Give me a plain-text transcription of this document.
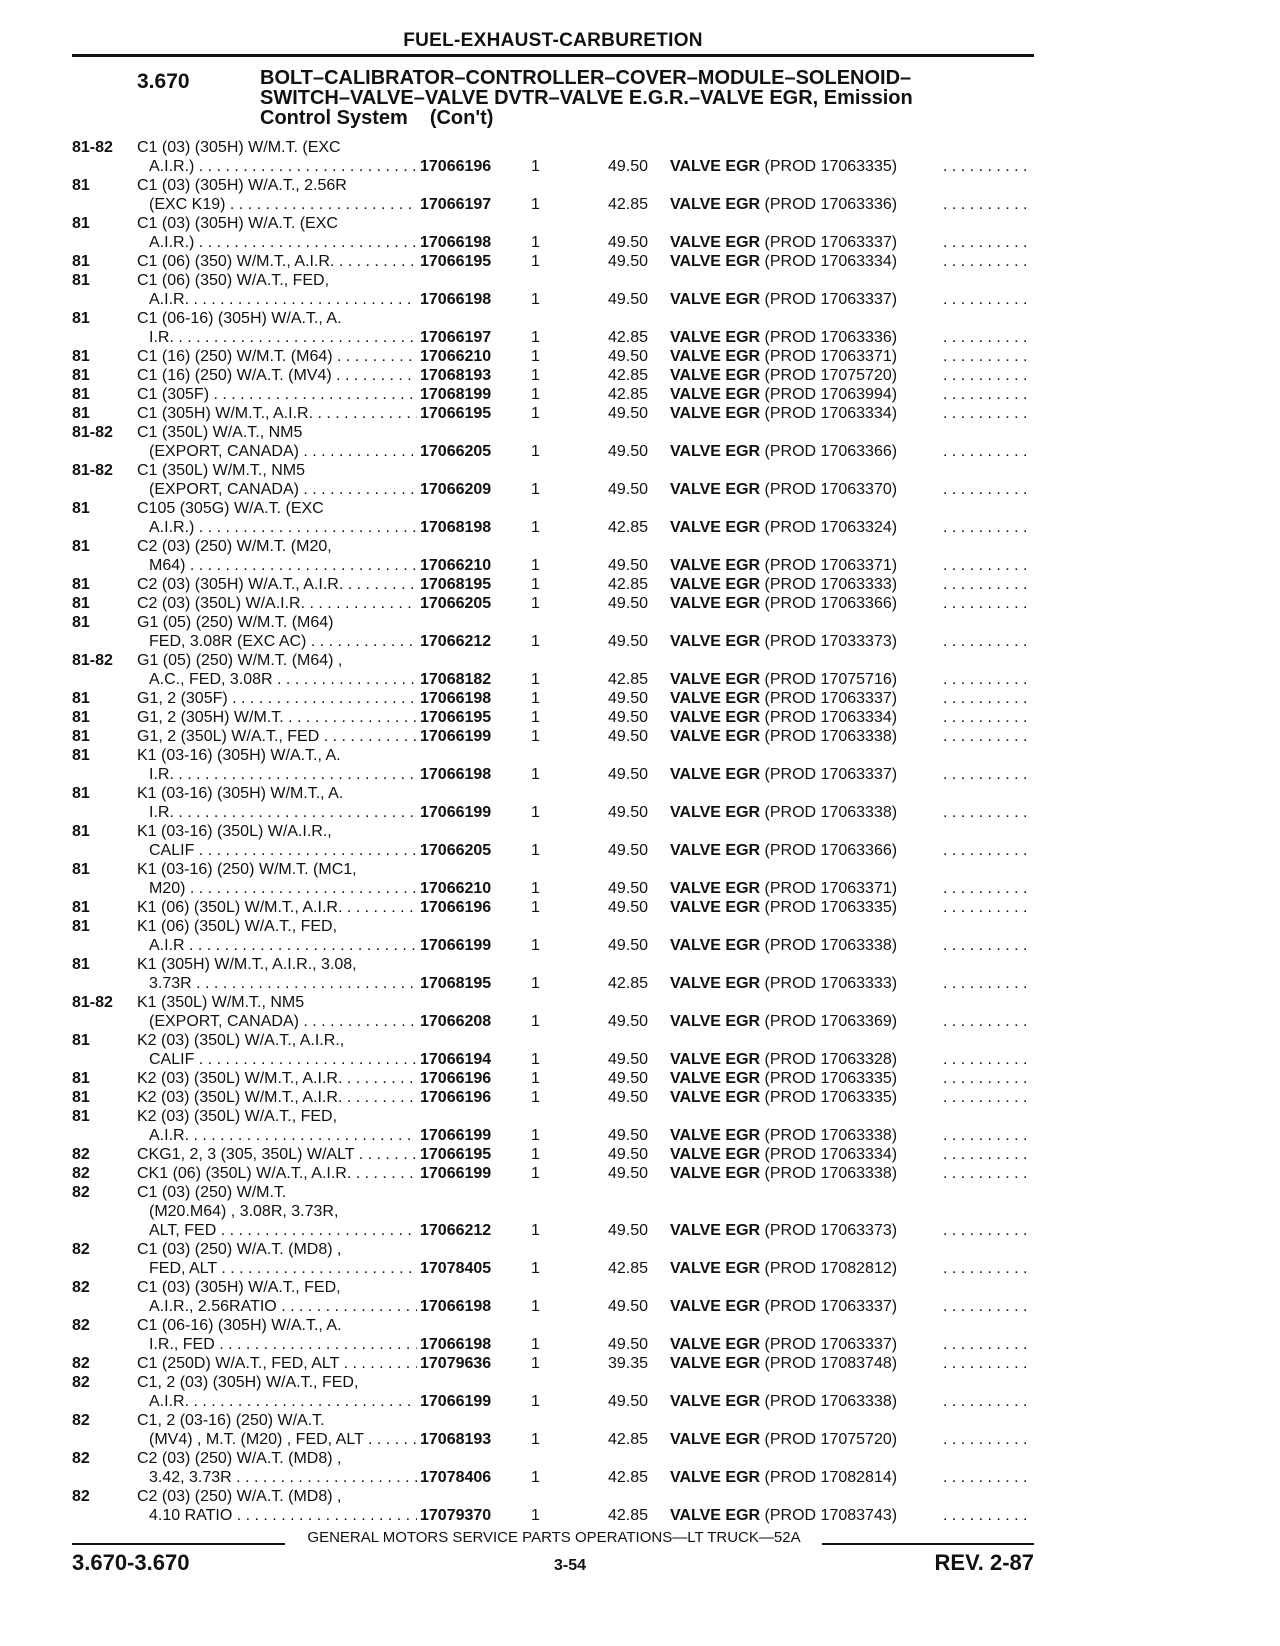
FUEL-EXHAUST-CARBURETION
3.670	BOLT–CALIBRATOR–CONTROLLER–COVER–MODULE–SOLENOID–
SWITCH–VALVE–VALVE DVTR–VALVE E.G.R.–VALVE EGR, Emission
Control System (Con't)
81-82 C1 (03) (305H) W/M.T. (EXC
A.I.R.) . . .	17066196 1	49.50 VALVE EGR (PROD 17063335)
. . .
81	C1 (03) (305H) W/A.T., 2.56R
(EXC K19) . . .	17066197 1	42.85 VALVE EGR (PROD 17063336)
. . .
81	C1 (03) (305H) W/A.T. (EXC
A.I.R.) . . .	17066198 1	49.50 VALVE EGR (PROD 17063337)
. . .
81	C1 (06) (350) W/M.T., A.I.R. . . .	17066195 1	49.50 VALVE EGR (PROD 17063334)
. . .
81	C1 (06) (350) W/A.T., FED,
A.I.R. . . .	17066198 1	49.50 VALVE EGR (PROD 17063337)
. . .
81	C1 (06-16) (305H) W/A.T., A.
I.R. . . .	17066197 1	42.85 VALVE EGR (PROD 17063336)
. . .
81	C1 (16) (250) W/M.T. (M64) . . .	17066210 1	49.50 VALVE EGR (PROD 17063371)
. . .
81	C1 (16) (250) W/A.T. (MV4) . . .	17068193 1	42.85 VALVE EGR (PROD 17075720)
. . .
81	C1 (305F) . . .	17068199 1	42.85 VALVE EGR (PROD 17063994)
. . .
81	C1 (305H) W/M.T., A.I.R. . . .	17066195 1	49.50 VALVE EGR (PROD 17063334)
. . .
81-82 C1 (350L) W/A.T., NM5
(EXPORT, CANADA) . . .	17066205 1	49.50 VALVE EGR (PROD 17063366)
. . .
81-82 C1 (350L) W/M.T., NM5
(EXPORT, CANADA) . . .	17066209 1	49.50 VALVE EGR (PROD 17063370)
. . .
81	C105 (305G) W/A.T. (EXC
A.I.R.) . . .	17068198 1	42.85 VALVE EGR (PROD 17063324)
. . .
81	C2 (03) (250) W/M.T. (M20,
M64) . . .	17066210 1	49.50 VALVE EGR (PROD 17063371)
. . .
81	C2 (03) (305H) W/A.T., A.I.R. . . .	17068195 1	42.85 VALVE EGR (PROD 17063333)
. . .
81	C2 (03) (350L) W/A.I.R. . . .	17066205 1	49.50 VALVE EGR (PROD 17063366)
. . .
81	G1 (05) (250) W/M.T. (M64)
FED, 3.08R (EXC AC) . . .	17066212 1	49.50 VALVE EGR (PROD 17033373)
. . .
81-82 G1 (05) (250) W/M.T. (M64) ,
A.C., FED, 3.08R . . .	17068182 1	42.85 VALVE EGR (PROD 17075716)
. . .
81	G1, 2 (305F) . . .	17066198 1	49.50 VALVE EGR (PROD 17063337)
. . .
81	G1, 2 (305H) W/M.T. . . .	17066195 1	49.50 VALVE EGR (PROD 17063334)
. . .
81	G1, 2 (350L) W/A.T., FED . . .	17066199 1	49.50 VALVE EGR (PROD 17063338)
. . .
81	K1 (03-16) (305H) W/A.T., A.
I.R. . . .	17066198 1	49.50 VALVE EGR (PROD 17063337)
. . .
81	K1 (03-16) (305H) W/M.T., A.
I.R. . . .	17066199 1	49.50 VALVE EGR (PROD 17063338)
. . .
81	K1 (03-16) (350L) W/A.I.R.,
CALIF . . .	17066205 1	49.50 VALVE EGR (PROD 17063366)
. . .
81	K1 (03-16) (250) W/M.T. (MC1,
M20) . . .	17066210 1	49.50 VALVE EGR (PROD 17063371)
. . .
81	K1 (06) (350L) W/M.T., A.I.R. . . .	17066196 1	49.50 VALVE EGR (PROD 17063335)
. . .
81	K1 (06) (350L) W/A.T., FED,
A.I.R . . .	17066199 1	49.50 VALVE EGR (PROD 17063338)
. . .
81	K1 (305H) W/M.T., A.I.R., 3.08,
3.73R . . .	17068195 1	42.85 VALVE EGR (PROD 17063333)
. . .
81-82 K1 (350L) W/M.T., NM5
(EXPORT, CANADA) . . .	17066208 1	49.50 VALVE EGR (PROD 17063369)
. . .
81	K2 (03) (350L) W/A.T., A.I.R.,
CALIF . . .	17066194 1	49.50 VALVE EGR (PROD 17063328)
. . .
81	K2 (03) (350L) W/M.T., A.I.R. . . .	17066196 1	49.50 VALVE EGR (PROD 17063335)
. . .
81	K2 (03) (350L) W/M.T., A.I.R. . . .	17066196 1	49.50 VALVE EGR (PROD 17063335)
. . .
81	K2 (03) (350L) W/A.T., FED,
A.I.R. . . .	17066199 1	49.50 VALVE EGR (PROD 17063338)
. . .
82	CKG1, 2, 3 (305, 350L) W/ALT . . .	17066195 1	49.50 VALVE EGR (PROD 17063334)
. . .
82	CK1 (06) (350L) W/A.T., A.I.R. . . .	17066199 1	49.50 VALVE EGR (PROD 17063338)
. . .
82	C1 (03) (250) W/M.T.
(M20.M64) , 3.08R, 3.73R,
ALT, FED . . .	17066212 1	49.50 VALVE EGR (PROD 17063373)
. . .
82	C1 (03) (250) W/A.T. (MD8) ,
FED, ALT . . .	17078405 1	42.85 VALVE EGR (PROD 17082812)
. . .
82	C1 (03) (305H) W/A.T., FED,
A.I.R., 2.56RATIO . . .	17066198 1	49.50 VALVE EGR (PROD 17063337)
. . .
82	C1 (06-16) (305H) W/A.T., A.
I.R., FED . . .	17066198 1	49.50 VALVE EGR (PROD 17063337)
. . .
82	C1 (250D) W/A.T., FED, ALT . . .	17079636 1	39.35 VALVE EGR (PROD 17083748)
. . .
82	C1, 2 (03) (305H) W/A.T., FED,
A.I.R. . . .	17066199 1	49.50 VALVE EGR (PROD 17063338)
. . .
82	C1, 2 (03-16) (250) W/A.T.
(MV4) , M.T. (M20) , FED, ALT . . .	17068193 1	42.85 VALVE EGR (PROD 17075720)
. . .
82	C2 (03) (250) W/A.T. (MD8) ,
3.42, 3.73R . . .	17078406 1	42.85 VALVE EGR (PROD 17082814)
. . .
82	C2 (03) (250) W/A.T. (MD8) ,
4.10 RATIO . . .	17079370 1	42.85 VALVE EGR (PROD 17083743)
. . .
GENERAL MOTORS SERVICE PARTS OPERATIONS—LT TRUCK—52A
3.670-3.670	3-54	REV. 2-87
